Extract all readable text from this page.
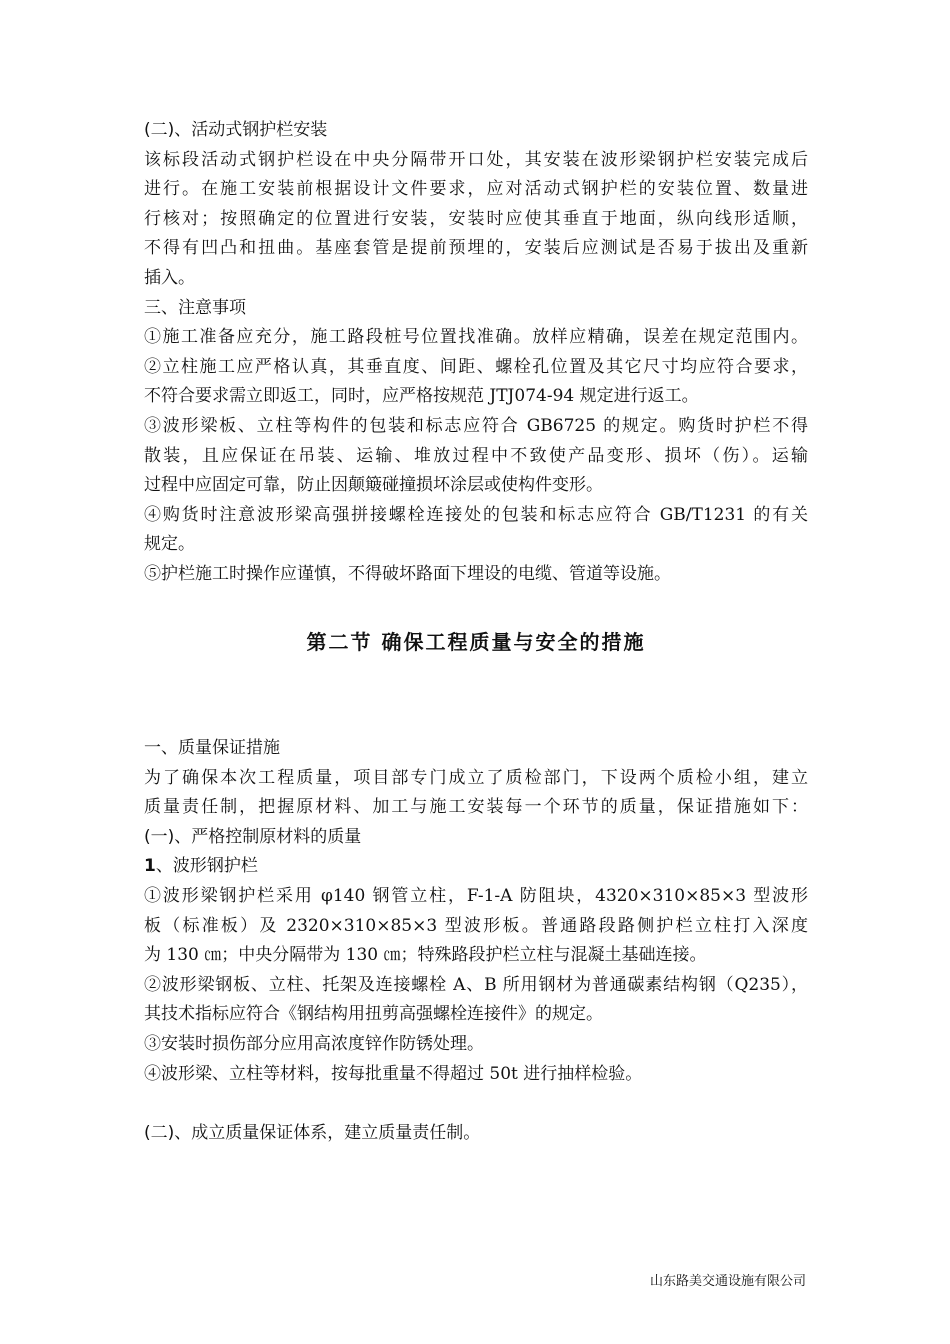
(二)、活动式钢护栏安装
该标段活动式钢护栏设在中央分隔带开口处，其安装在波形梁钢护栏安装完成后
进行。在施工安装前根据设计文件要求，应对活动式钢护栏的安装位置、数量进
行核对；按照确定的位置进行安装，安装时应使其垂直于地面，纵向线形适顺，
不得有凹凸和扭曲。基座套管是提前预埋的，安装后应测试是否易于拔出及重新
插入。
三、注意事项
①施工准备应充分，施工路段桩号位置找准确。放样应精确，误差在规定范围内。
②立柱施工应严格认真，其垂直度、间距、螺栓孔位置及其它尺寸均应符合要求，
不符合要求需立即返工，同时，应严格按规范 JTJ074-94 规定进行返工。
③波形梁板、立柱等构件的包装和标志应符合 GB6725 的规定。购货时护栏不得
散装，且应保证在吊装、运输、堆放过程中不致使产品变形、损坏（伤）。运输
过程中应固定可靠，防止因颠簸碰撞损坏涂层或使构件变形。
④购货时注意波形梁高强拼接螺栓连接处的包装和标志应符合 GB/T1231 的有关
规定。
⑤护栏施工时操作应谨慎，不得破坏路面下埋设的电缆、管道等设施。
第二节 确保工程质量与安全的措施
一、质量保证措施
为了确保本次工程质量，项目部专门成立了质检部门，下设两个质检小组，建立
质量责任制，把握原材料、加工与施工安装每一个环节的质量，保证措施如下：
(一)、严格控制原材料的质量
1、波形钢护栏
①波形梁钢护栏采用 φ140 钢管立柱，F-1-A 防阻块，4320×310×85×3 型波形
板（标准板）及 2320×310×85×3 型波形板。普通路段路侧护栏立柱打入深度
为 130 ㎝；中央分隔带为 130 ㎝；特殊路段护栏立柱与混凝土基础连接。
②波形梁钢板、立柱、托架及连接螺栓 A、B 所用钢材为普通碳素结构钢（Q235），
其技术指标应符合《钢结构用扭剪高强螺栓连接件》的规定。
③安装时损伤部分应用高浓度锌作防锈处理。
④波形梁、立柱等材料，按每批重量不得超过 50t 进行抽样检验。
(二)、成立质量保证体系，建立质量责任制。
山东路美交通设施有限公司
